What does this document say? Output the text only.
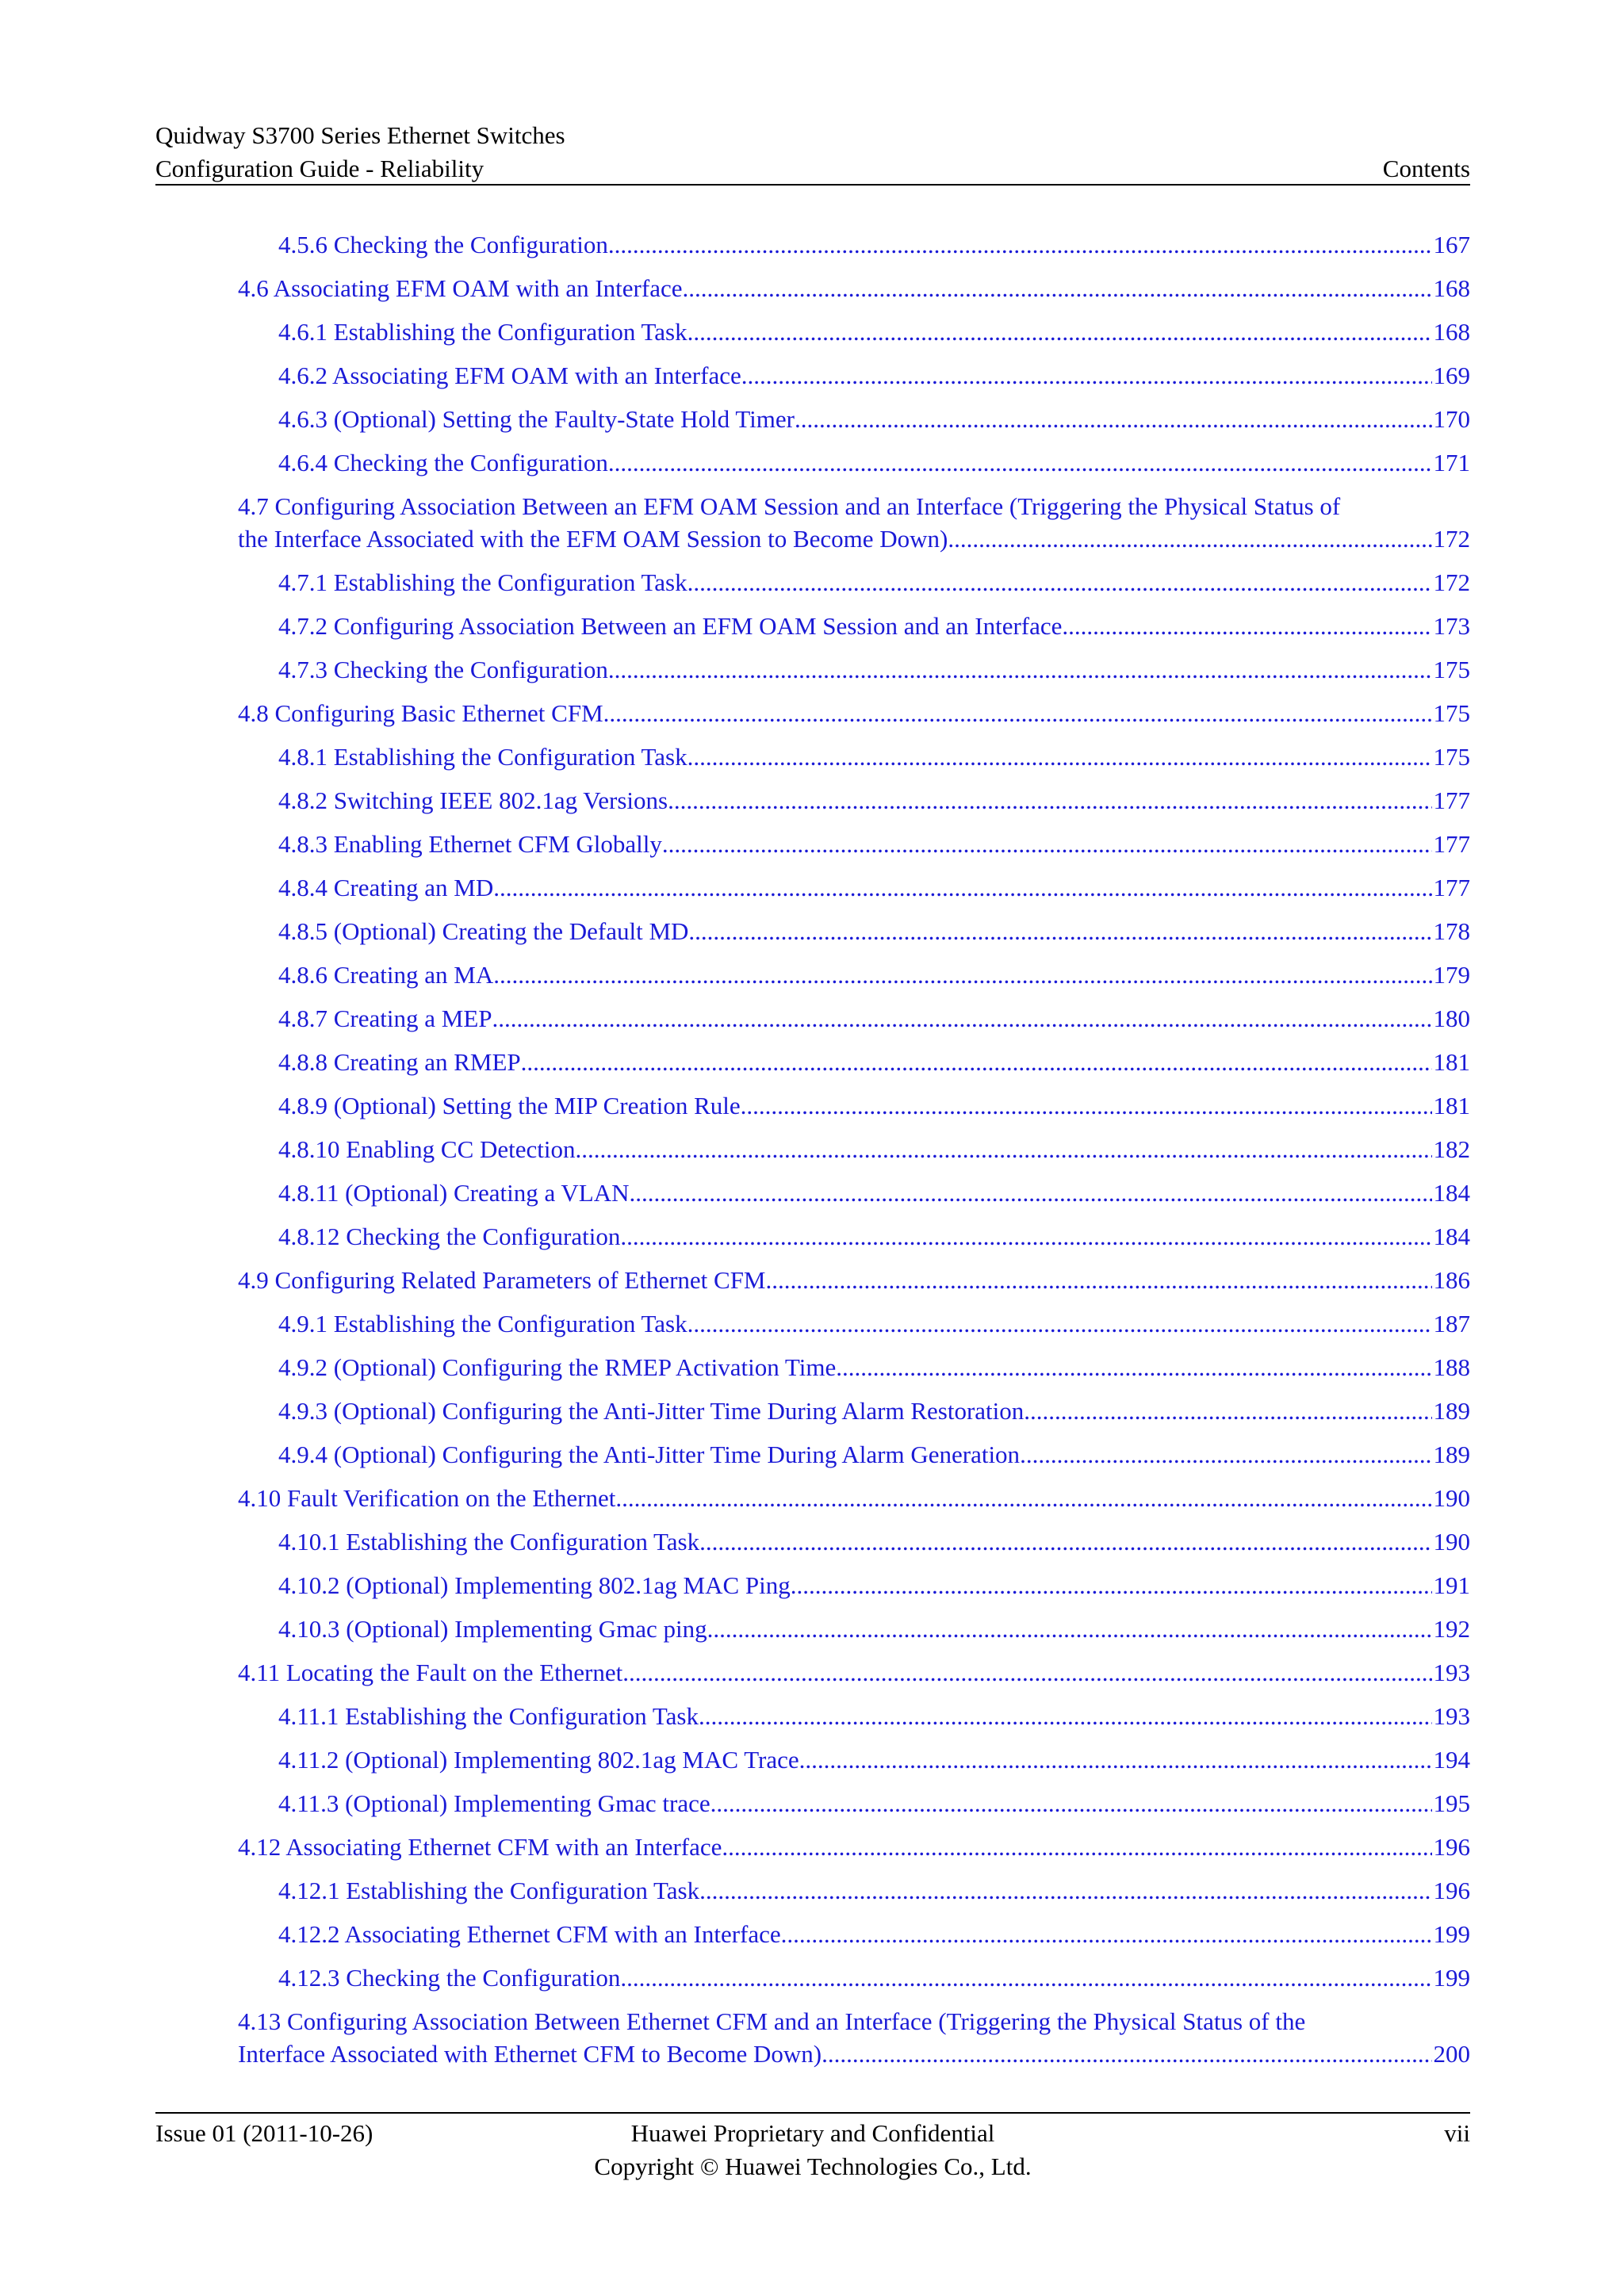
Quidway S3700 Series Ethernet Switches
Configuration Guide - Reliability	Contents
4.5.6 Checking the Configuration .....	167
4.6 Associating EFM OAM with an Interface .....	168
4.6.1 Establishing the Configuration Task .....	168
4.6.2 Associating EFM OAM with an Interface .....	169
4.6.3 (Optional) Setting the Faulty-State Hold Timer .....	170
4.6.4 Checking the Configuration .....	171
4.7 Configuring Association Between an EFM OAM Session and an Interface (Triggering the Physical Status of
the Interface Associated with the EFM OAM Session to Become Down) .....	172
4.7.1 Establishing the Configuration Task .....	172
4.7.2 Configuring Association Between an EFM OAM Session and an Interface .....	173
4.7.3 Checking the Configuration .....	175
4.8 Configuring Basic Ethernet CFM .....	175
4.8.1 Establishing the Configuration Task .....	175
4.8.2 Switching IEEE 802.1ag Versions .....	177
4.8.3 Enabling Ethernet CFM Globally .....	177
4.8.4 Creating an MD .....	177
4.8.5 (Optional) Creating the Default MD .....	178
4.8.6 Creating an MA .....	179
4.8.7 Creating a MEP .....	180
4.8.8 Creating an RMEP .....	181
4.8.9 (Optional) Setting the MIP Creation Rule .....	181
4.8.10 Enabling CC Detection .....	182
4.8.11 (Optional) Creating a VLAN .....	184
4.8.12 Checking the Configuration .....	184
4.9 Configuring Related Parameters of Ethernet CFM .....	186
4.9.1 Establishing the Configuration Task .....	187
4.9.2 (Optional) Configuring the RMEP Activation Time .....	188
4.9.3 (Optional) Configuring the Anti-Jitter Time During Alarm Restoration .....	189
4.9.4 (Optional) Configuring the Anti-Jitter Time During Alarm Generation .....	189
4.10 Fault Verification on the Ethernet .....	190
4.10.1 Establishing the Configuration Task .....	190
4.10.2 (Optional) Implementing 802.1ag MAC Ping .....	191
4.10.3 (Optional) Implementing Gmac ping .....	192
4.11 Locating the Fault on the Ethernet .....	193
4.11.1 Establishing the Configuration Task .....	193
4.11.2 (Optional) Implementing 802.1ag MAC Trace .....	194
4.11.3 (Optional) Implementing Gmac trace .....	195
4.12 Associating Ethernet CFM with an Interface .....	196
4.12.1 Establishing the Configuration Task .....	196
4.12.2 Associating Ethernet CFM with an Interface .....	199
4.12.3 Checking the Configuration .....	199
4.13 Configuring Association Between Ethernet CFM and an Interface (Triggering the Physical Status of the
Interface Associated with Ethernet CFM to Become Down) .....	200
Issue 01 (2011-10-26)	Huawei Proprietary and Confidential
Copyright © Huawei Technologies Co., Ltd.
vii
